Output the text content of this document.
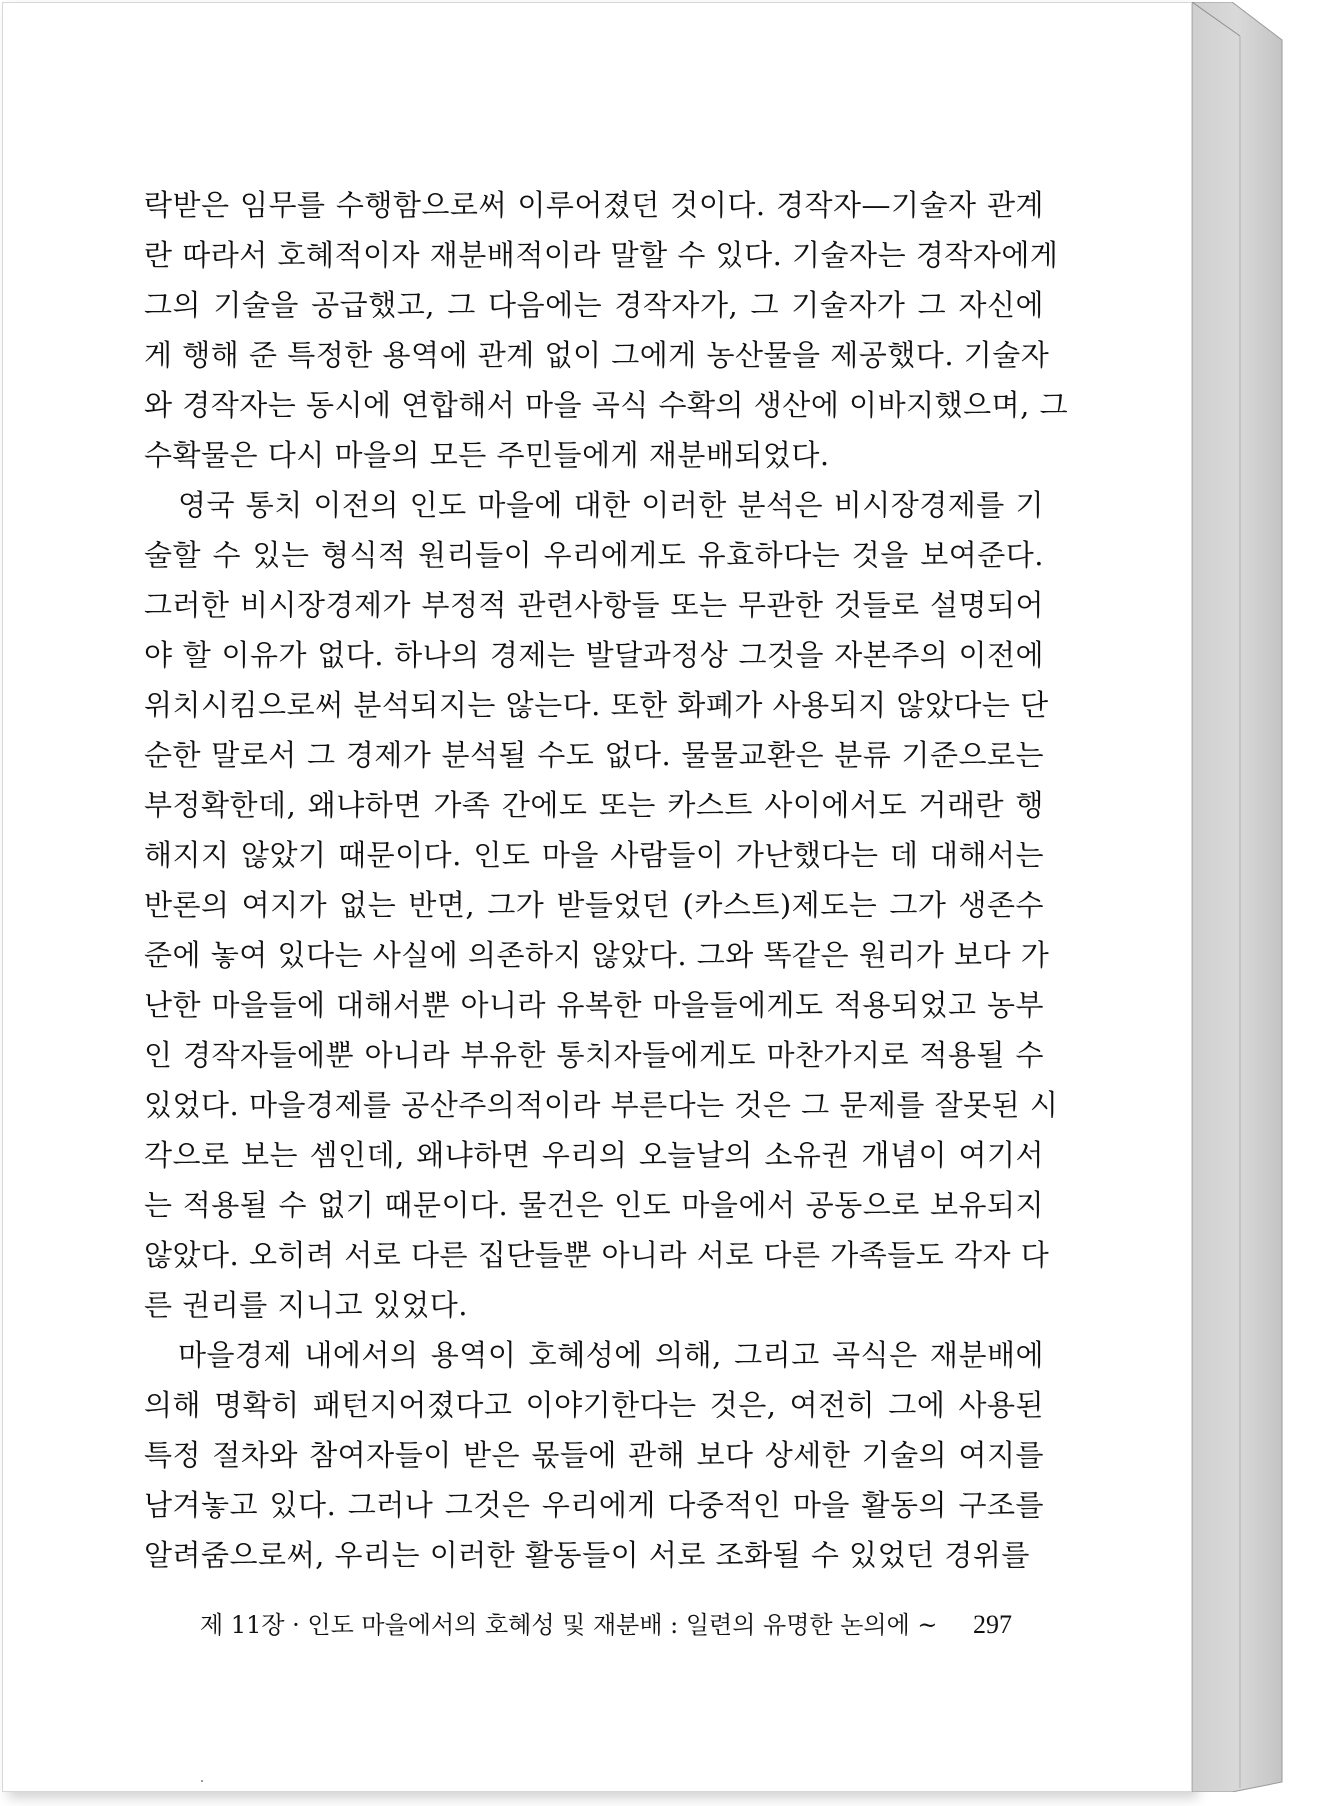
락받은 임무를 수행함으로써 이루어졌던 것이다. 경작자—기술자 관계
란 따라서 호혜적이자 재분배적이라 말할 수 있다. 기술자는 경작자에게
그의 기술을 공급했고, 그 다음에는 경작자가, 그 기술자가 그 자신에
게 행해 준 특정한 용역에 관계 없이 그에게 농산물을 제공했다. 기술자
와 경작자는 동시에 연합해서 마을 곡식 수확의 생산에 이바지했으며, 그
수확물은 다시 마을의 모든 주민들에게 재분배되었다.
영국 통치 이전의 인도 마을에 대한 이러한 분석은 비시장경제를 기
술할 수 있는 형식적 원리들이 우리에게도 유효하다는 것을 보여준다.
그러한 비시장경제가 부정적 관련사항들 또는 무관한 것들로 설명되어
야 할 이유가 없다. 하나의 경제는 발달과정상 그것을 자본주의 이전에
위치시킴으로써 분석되지는 않는다. 또한 화폐가 사용되지 않았다는 단
순한 말로서 그 경제가 분석될 수도 없다. 물물교환은 분류 기준으로는
부정확한데, 왜냐하면 가족 간에도 또는 카스트 사이에서도 거래란 행
해지지 않았기 때문이다. 인도 마을 사람들이 가난했다는 데 대해서는
반론의 여지가 없는 반면, 그가 받들었던 (카스트)제도는 그가 생존수
준에 놓여 있다는 사실에 의존하지 않았다. 그와 똑같은 원리가 보다 가
난한 마을들에 대해서뿐 아니라 유복한 마을들에게도 적용되었고 농부
인 경작자들에뿐 아니라 부유한 통치자들에게도 마찬가지로 적용될 수
있었다. 마을경제를 공산주의적이라 부른다는 것은 그 문제를 잘못된 시
각으로 보는 셈인데, 왜냐하면 우리의 오늘날의 소유권 개념이 여기서
는 적용될 수 없기 때문이다. 물건은 인도 마을에서 공동으로 보유되지
않았다. 오히려 서로 다른 집단들뿐 아니라 서로 다른 가족들도 각자 다
른 권리를 지니고 있었다.
마을경제 내에서의 용역이 호혜성에 의해, 그리고 곡식은 재분배에
의해 명확히 패턴지어졌다고 이야기한다는 것은, 여전히 그에 사용된
특정 절차와 참여자들이 받은 몫들에 관해 보다 상세한 기술의 여지를
남겨놓고 있다. 그러나 그것은 우리에게 다중적인 마을 활동의 구조를
알려줌으로써, 우리는 이러한 활동들이 서로 조화될 수 있었던 경위를
제 11장 · 인도 마을에서의 호혜성 및 재분배 : 일련의 유명한 논의에 ~ 297
